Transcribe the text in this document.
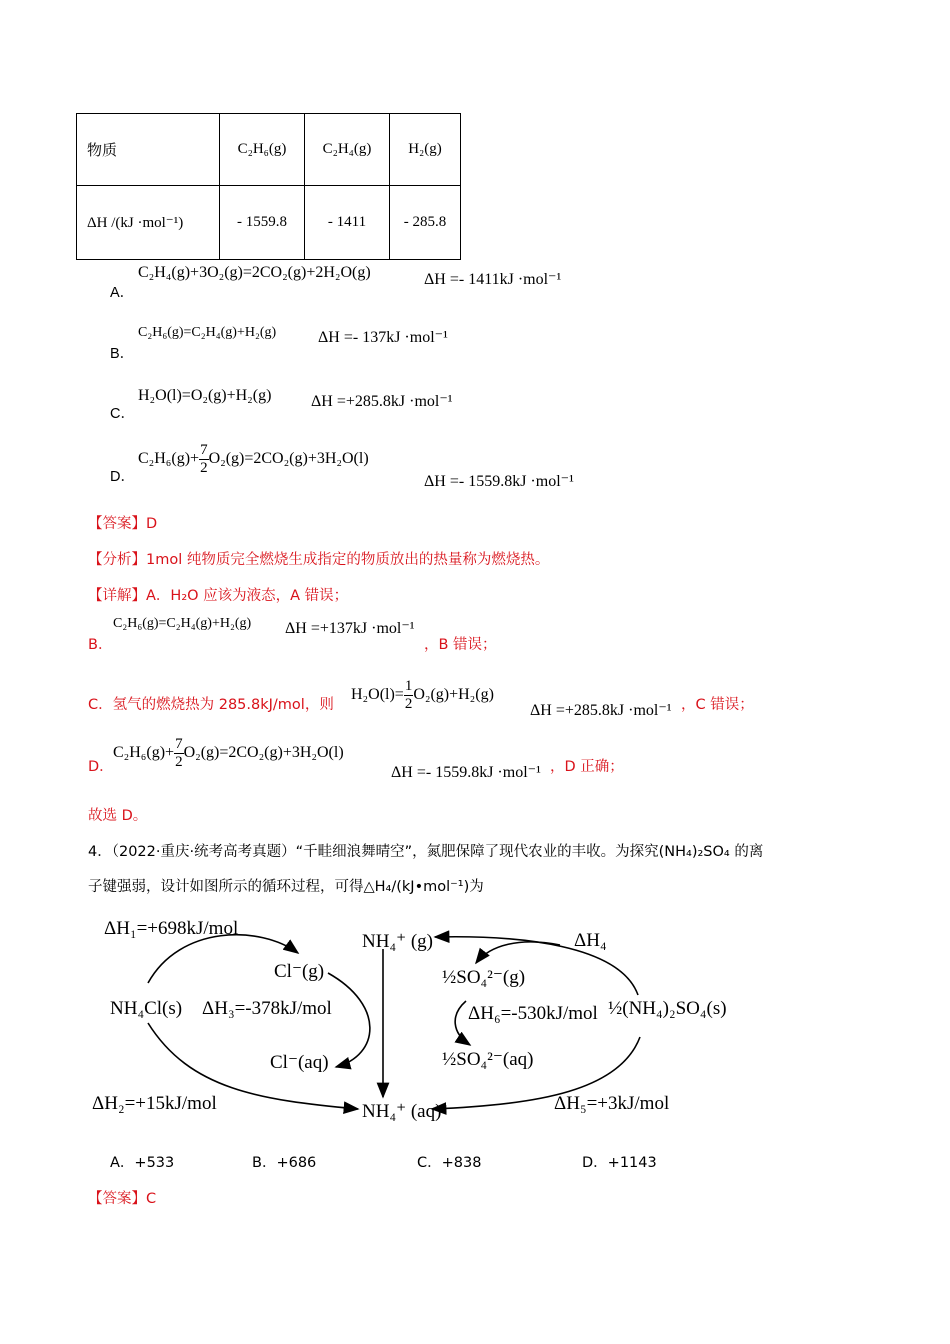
物质	C₂H₆(g)	C₂H₄(g)	H₂(g)
ΔH /(kJ ·mol⁻¹)	- 1559.8	- 1411	- 285.8
A．
C₂H₄(g)+3O₂(g)=2CO₂(g)+2H₂O(g)	ΔH =- 1411kJ ·mol⁻¹
B．
C₂H₆(g)=C₂H₄(g)+H₂(g)	ΔH =- 137kJ ·mol⁻¹
C．
H₂O(l)=O₂(g)+H₂(g) ΔH =+285.8kJ ·mol⁻¹
D．
$C_2H_6(g)+ \frac{7}{2} O_2(g)=2CO_2(g)+3H_2O(l)$
ΔH =- 1559.8kJ ·mol⁻¹
【答案】D
【分析】1mol 纯物质完全燃烧生成指定的物质放出的热量称为燃烧热。
【详解】A．H₂O 应该为液态，A 错误；
B．
C₂H₆(g)=C₂H₄(g)+H₂(g) ΔH =+137kJ ·mol⁻¹
，B 错误；
C．氢气的燃烧热为 285.8kJ/mol，则
$H_2O(l)= \frac{1}{2} O_2(g)+H_2(g)$
ΔH =+285.8kJ ·mol⁻¹ ，C 错误；
D．
$C_2H_6(g)+ \frac{7}{2} O_2(g)=2CO_2(g)+3H_2O(l)$
ΔH =- 1559.8kJ ·mol⁻¹ ，D 正确；
故选 D。
4．（2022·重庆·统考高考真题）“千畦细浪舞晴空”，氮肥保障了现代农业的丰收。为探究(NH₄)₂SO₄ 的离
子键强弱，设计如图所示的循环过程，可得△H₄/(kJ•mol⁻¹)为
ΔH₁=+698kJ/mol
Cl⁻(g)
NH₄Cl(s) ΔH₃=-378kJ/mol
Cl⁻(aq)
ΔH₂=+15kJ/mol
NH₄⁺ (g)
NH₄⁺ (aq)
ΔH₄
½SO₄²⁻(g)
ΔH₆=-530kJ/mol ½(NH₄)₂SO₄(s)
½SO₄²⁻(aq)
ΔH₅=+3kJ/mol
A．+533	B．+686	C．+838	D．+1143
【答案】C
